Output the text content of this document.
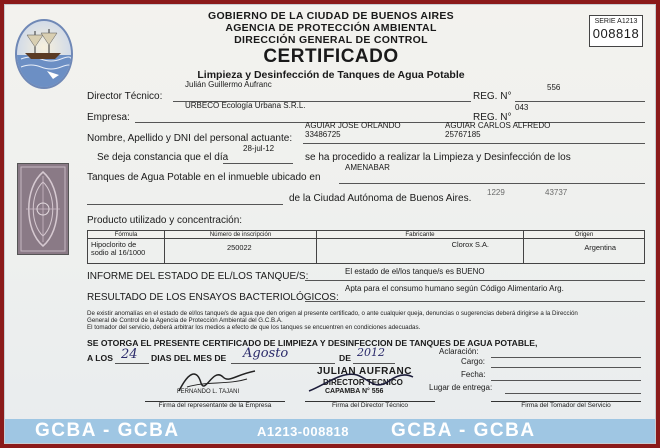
GOBIERNO DE LA CIUDAD DE BUENOS AIRES
AGENCIA DE PROTECCIÓN AMBIENTAL
DIRECCIÓN GENERAL DE CONTROL
CERTIFICADO
Limpieza y Desinfección de Tanques de Agua Potable
SERIE A1213
008818
Director Técnico:
Julián Guillermo Aufranc
REG. N°
556
Empresa:
URBECO Ecología Urbana S.R.L.
REG. N°
043
Nombre, Apellido y DNI del personal actuante:
AGUIAR JOSE ORLANDO
33486725
AGUIAR CARLOS ALFREDO
25767185
Se deja constancia que el día
28-jul-12
se ha procedido a realizar la Limpieza y Desinfección de los
Tanques de Agua Potable en el inmueble ubicado en
AMENABAR
de la Ciudad Autónoma de Buenos Aires.
1229	43737
Producto utilizado y concentración:
Fórmula	Número de inscripción	Fabricante	Origen
Hipoclorito de
sodio al 16/1000	250022	Clorox S.A.	Argentina
INFORME DEL ESTADO DE EL/LOS TANQUE/S:	El estado de el/los tanque/s es BUENO
RESULTADO DE LOS ENSAYOS BACTERIOLÓGICOS:
Apta para el consumo humano según Código Alimentario Arg.
De existir anomalías en el estado de el/los tanque/s de agua que den origen al presente certificado, o ante cualquier queja, denuncias o sugerencias deberá dirigirse a la Dirección
General de Control de la Agencia de Protección Ambiental del G.C.B.A.
El tomador del servicio, deberá arbitrar los medios a efecto de que los tanques se encuentren en condiciones adecuadas.
SE OTORGA EL PRESENTE CERTIFICADO DE LIMPIEZA Y DESINFECCION DE TANQUES DE AGUA POTABLE,
A LOS 24 DIAS DEL MES DE Agosto	DE 2012	Aclaración:
Cargo:
Fecha:
Lugar de entrega:
FERNANDO L. TAJANI
JULIAN AUFRANC
DIRECTOR TECNICO
CAPAMBA N° 556
Firma del representante de la Empresa	Firma del Director Técnico	Firma del Tomador del Servicio
GCBA - GCBA	A1213-008818 GCBA - GCBA
